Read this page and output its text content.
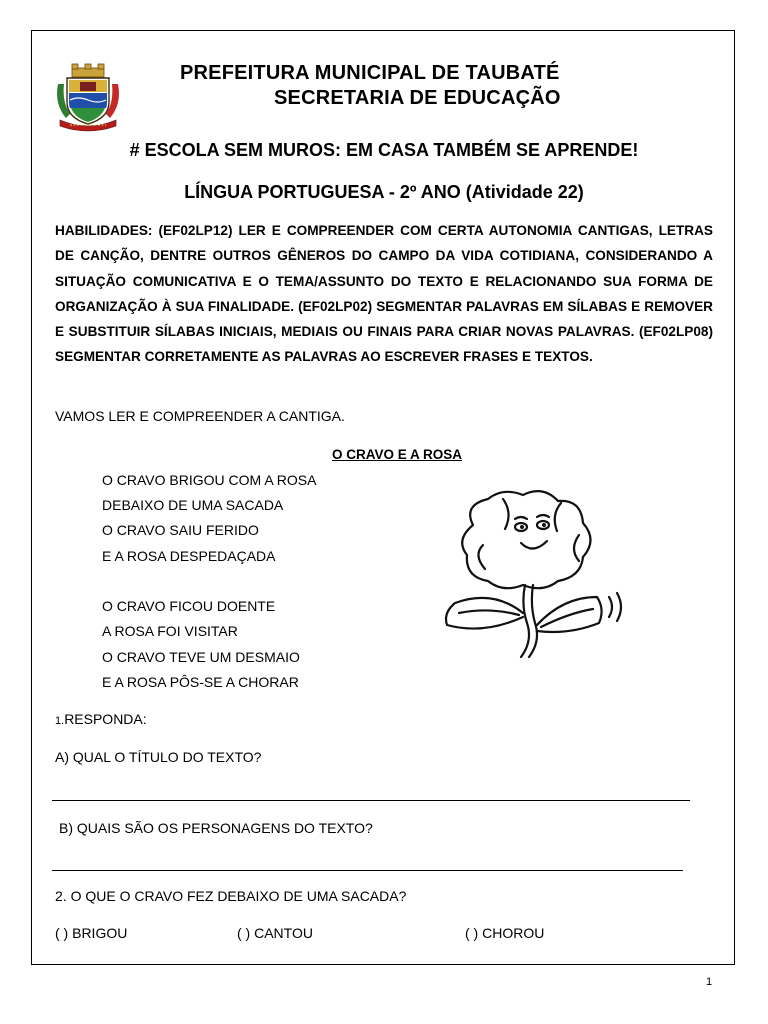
PREFEITURA MUNICIPAL DE TAUBATÉ
SECRETARIA DE EDUCAÇÃO
# ESCOLA SEM MUROS: EM CASA TAMBÉM SE APRENDE!
LÍNGUA PORTUGUESA - 2º ANO (Atividade 22)

HABILIDADES: (EF02LP12) LER E COMPREENDER COM CERTA AUTONOMIA CANTIGAS, LETRAS DE CANÇÃO, DENTRE OUTROS GÊNEROS DO CAMPO DA VIDA COTIDIANA, CONSIDERANDO A SITUAÇÃO COMUNICATIVA E O TEMA/ASSUNTO DO TEXTO E RELACIONANDO SUA FORMA DE ORGANIZAÇÃO À SUA FINALIDADE. (EF02LP02) SEGMENTAR PALAVRAS EM SÍLABAS E REMOVER E SUBSTITUIR SÍLABAS INICIAIS, MEDIAIS OU FINAIS PARA CRIAR NOVAS PALAVRAS. (EF02LP08) SEGMENTAR CORRETAMENTE AS PALAVRAS AO ESCREVER FRASES E TEXTOS.

VAMOS LER E COMPREENDER A CANTIGA.
O CRAVO E A ROSA
O CRAVO BRIGOU COM A ROSA
DEBAIXO DE UMA SACADA
O CRAVO SAIU FERIDO
E A ROSA DESPEDAÇADA
O CRAVO FICOU DOENTE
A ROSA FOI VISITAR
O CRAVO TEVE UM DESMAIO
E A ROSA PÔS-SE A CHORAR
1.RESPONDA:
A) QUAL O TÍTULO DO TEXTO?
B) QUAIS SÃO OS PERSONAGENS DO TEXTO?
2. O QUE O CRAVO FEZ DEBAIXO DE UMA SACADA?
( ) BRIGOU	( ) CANTOU	( ) CHOROU
1
